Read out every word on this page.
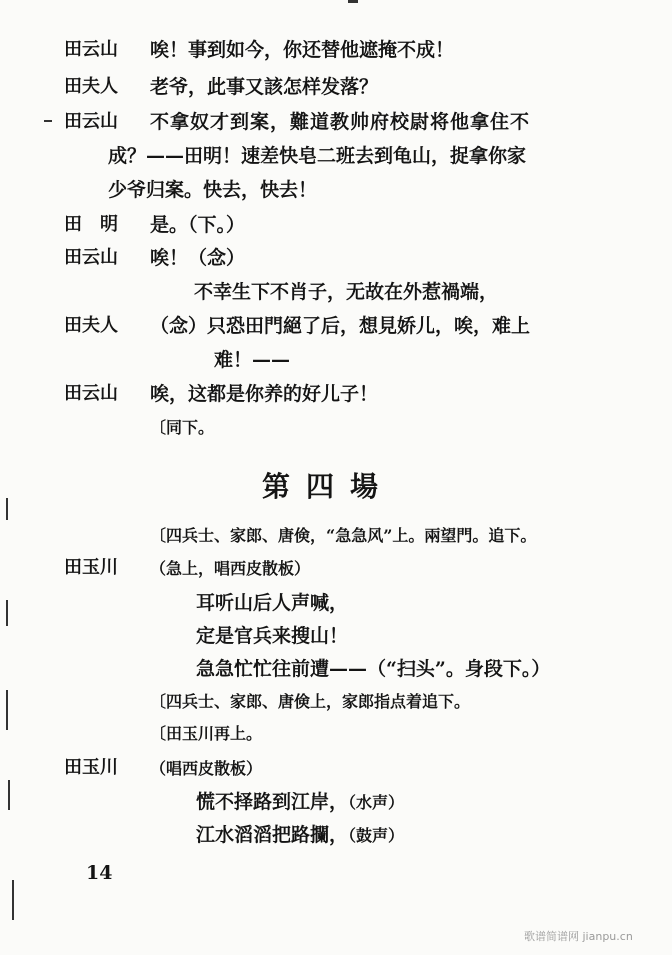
田云山 唉！事到如今，你还替他遮掩不成！
田夫人 老爷，此事又該怎样发落？
田云山 不拿奴才到案，難道教帅府校尉将他拿住不
成？——田明！速差快皂二班去到龟山，捉拿你家
少爷归案。快去，快去！
田　明 是。（下。）
田云山 唉！（念）
不幸生下不肖子，无故在外惹禍端，
田夫人 （念）只恐田門絕了后，想見娇儿，唉，难上
难！——
田云山 唉，这都是你养的好儿子！
〔同下。
第四場
〔四兵士、家郎、唐倹，“急急风”上。兩望門。追下。
田玉川 （急上，唱西皮散板）
耳听山后人声喊，
定是官兵来搜山！
急急忙忙往前遭——（“扫头”。身段下。）
〔四兵士、家郎、唐倹上，家郎指点着追下。
〔田玉川再上。
田玉川 （唱西皮散板）
慌不择路到江岸，（水声）
江水滔滔把路攔，（鼓声）
14
歌谱简谱网 jianpu.cn
